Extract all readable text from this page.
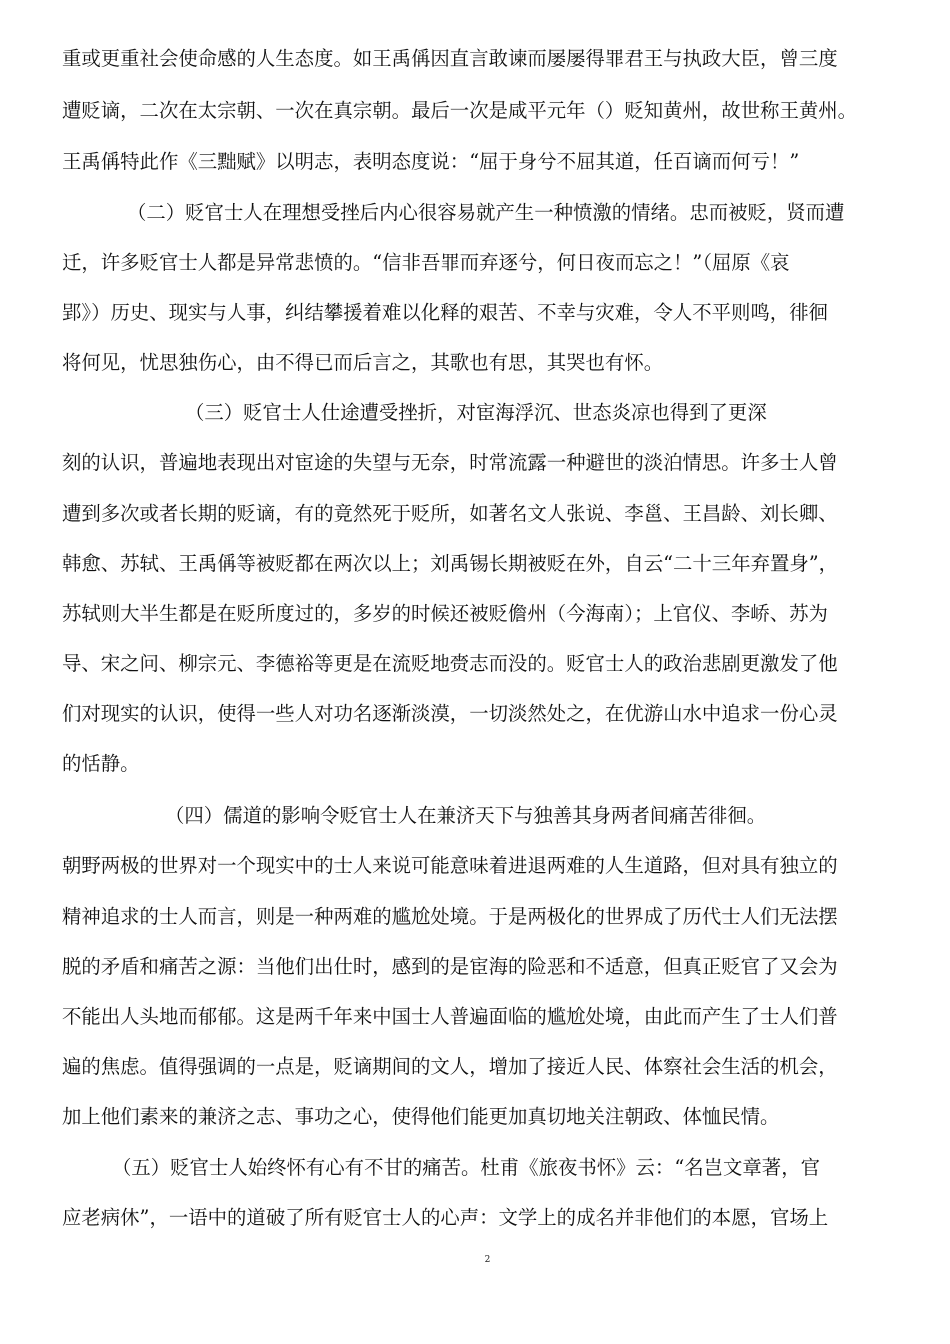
重或更重社会使命感的人生态度。如王禹偁因直言敢谏而屡屡得罪君王与执政大臣，曾三度
遭贬谪，二次在太宗朝、一次在真宗朝。最后一次是咸平元年（）贬知黄州，故世称王黄州。
王禹偁特此作《三黜赋》以明志，表明态度说：“屈于身兮不屈其道，任百谪而何亏！”
（二）贬官士人在理想受挫后内心很容易就产生一种愤激的情绪。忠而被贬，贤而遭
迁，许多贬官士人都是异常悲愤的。“信非吾罪而弃逐兮，何日夜而忘之！”（屈原《哀
郢》）历史、现实与人事，纠结攀援着难以化释的艰苦、不幸与灾难，令人不平则鸣，徘徊
将何见，忧思独伤心，由不得已而后言之，其歌也有思，其哭也有怀。
（三）贬官士人仕途遭受挫折，对宦海浮沉、世态炎凉也得到了更深
刻的认识，普遍地表现出对宦途的失望与无奈，时常流露一种避世的淡泊情思。许多士人曾
遭到多次或者长期的贬谪，有的竟然死于贬所，如著名文人张说、李邕、王昌龄、刘长卿、
韩愈、苏轼、王禹偁等被贬都在两次以上；刘禹锡长期被贬在外，自云“二十三年弃置身”，
苏轼则大半生都是在贬所度过的，多岁的时候还被贬儋州（今海南）；上官仪、李峤、苏为
导、宋之问、柳宗元、李德裕等更是在流贬地赍志而没的。贬官士人的政治悲剧更激发了他
们对现实的认识，使得一些人对功名逐渐淡漠，一切淡然处之，在优游山水中追求一份心灵
的恬静。
（四）儒道的影响令贬官士人在兼济天下与独善其身两者间痛苦徘徊。
朝野两极的世界对一个现实中的士人来说可能意味着进退两难的人生道路，但对具有独立的
精神追求的士人而言，则是一种两难的尴尬处境。于是两极化的世界成了历代士人们无法摆
脱的矛盾和痛苦之源：当他们出仕时，感到的是宦海的险恶和不适意，但真正贬官了又会为
不能出人头地而郁郁。这是两千年来中国士人普遍面临的尴尬处境，由此而产生了士人们普
遍的焦虑。值得强调的一点是，贬谪期间的文人，增加了接近人民、体察社会生活的机会，
加上他们素来的兼济之志、事功之心，使得他们能更加真切地关注朝政、体恤民情。
（五）贬官士人始终怀有心有不甘的痛苦。杜甫《旅夜书怀》云：“名岂文章著，官
应老病休”，一语中的道破了所有贬官士人的心声：文学上的成名并非他们的本愿，官场上
2
